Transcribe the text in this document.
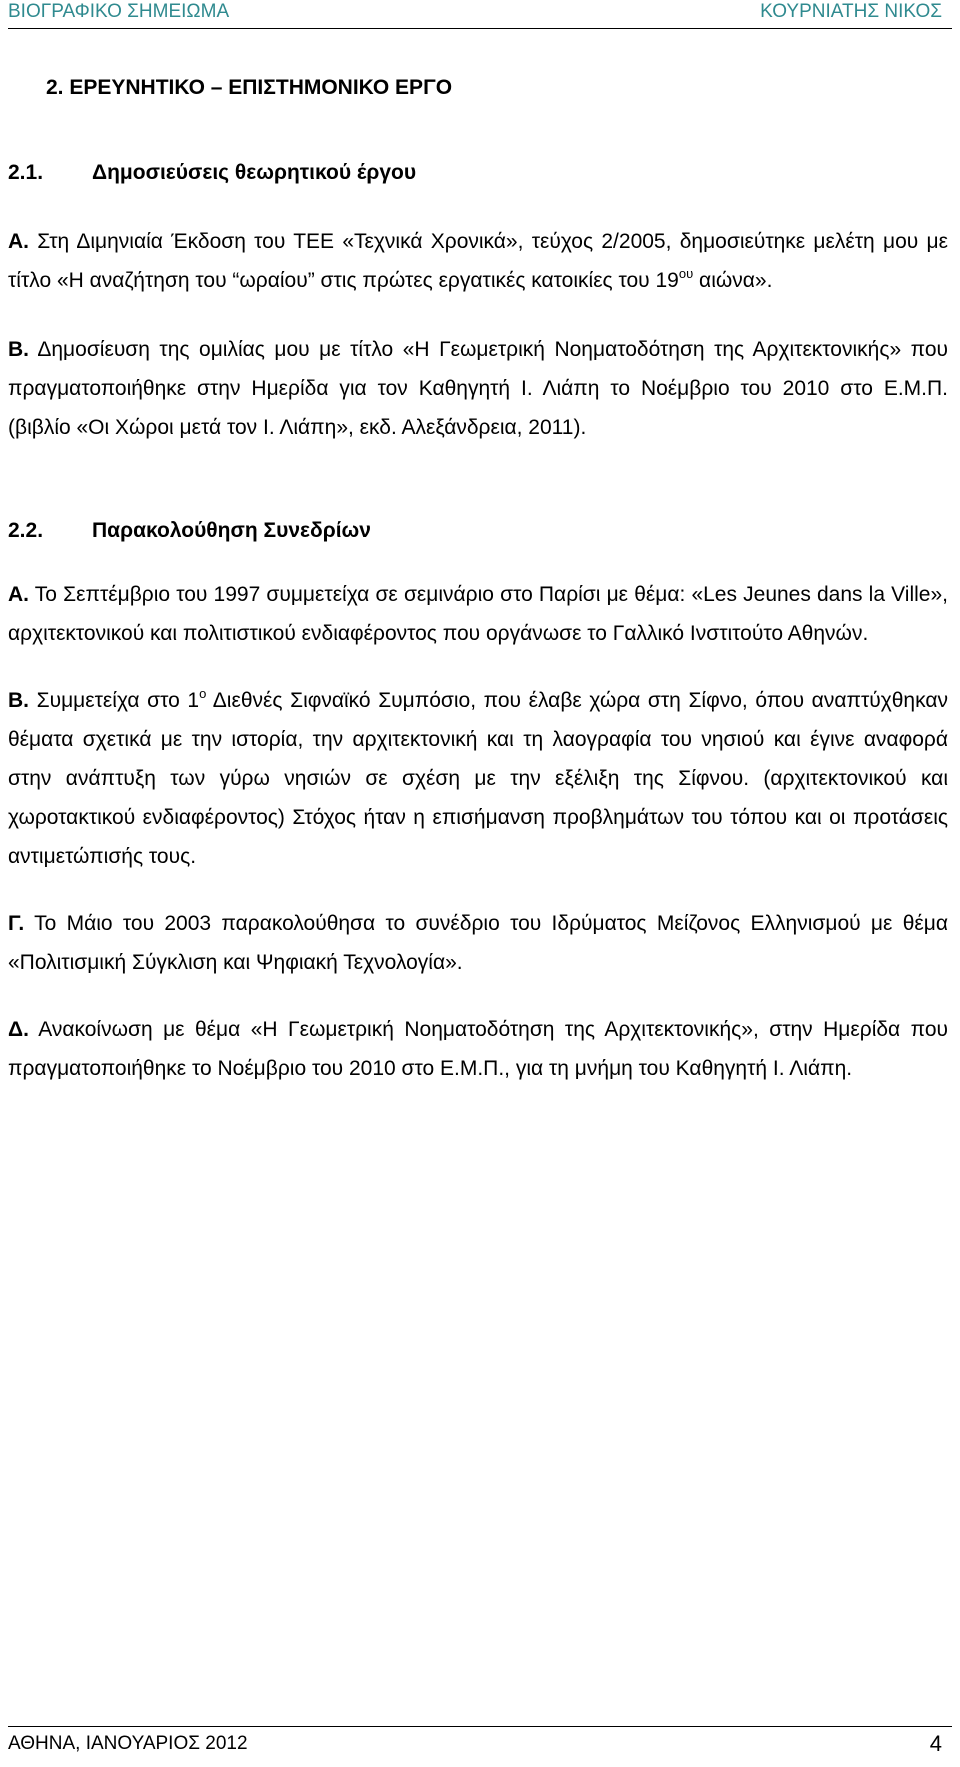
ΒΙΟΓΡΑΦΙΚΟ ΣΗΜΕΙΩΜΑ	ΚΟΥΡΝΙΑΤΗΣ ΝΙΚΟΣ

2. ΕΡΕΥΝΗΤΙΚΟ – ΕΠΙΣΤΗΜΟΝΙΚΟ ΕΡΓΟ

2.1. Δημοσιεύσεις θεωρητικού έργου

Α. Στη Διμηνιαία Έκδοση του ΤΕΕ «Τεχνικά Χρονικά», τεύχος 2/2005, δημοσιεύτηκε μελέτη μου με τίτλο «Η αναζήτηση του “ωραίου” στις πρώτες εργατικές κατοικίες του $19^{o\upsilon}$ αιώνα».

Β. Δημοσίευση της ομιλίας μου με τίτλο «Η Γεωμετρική Νοηματοδότηση της Αρχιτεκτονικής» που πραγματοποιήθηκε στην Ημερίδα για τον Καθηγητή Ι. Λιάπη το Νοέμβριο του 2010 στο Ε.Μ.Π. (βιβλίο «Οι Χώροι μετά τον Ι. Λιάπη», εκδ. Αλεξάνδρεια, 2011).

2.2. Παρακολούθηση Συνεδρίων

Α. Το Σεπτέμβριο του 1997 συμμετείχα σε σεμινάριο στο Παρίσι με θέμα: «Les Jeunes dans la Ville», αρχιτεκτονικού και πολιτιστικού ενδιαφέροντος που οργάνωσε το Γαλλικό Ινστιτούτο Αθηνών.

Β. Συμμετείχα στο $1^o$ Διεθνές Σιφναϊκό Συμπόσιο, που έλαβε χώρα στη Σίφνο, όπου αναπτύχθηκαν θέματα σχετικά με την ιστορία, την αρχιτεκτονική και τη λαογραφία του νησιού και έγινε αναφορά στην ανάπτυξη των γύρω νησιών σε σχέση με την εξέλιξη της Σίφνου. (αρχιτεκτονικού και χωροτακτικού ενδιαφέροντος) Στόχος ήταν η επισήμανση προβλημάτων του τόπου και οι προτάσεις αντιμετώπισής τους.

Γ. Το Μάιο του 2003 παρακολούθησα το συνέδριο του Ιδρύματος Μείζονος Ελληνισμού με θέμα «Πολιτισμική Σύγκλιση και Ψηφιακή Τεχνολογία».

Δ. Ανακοίνωση με θέμα «Η Γεωμετρική Νοηματοδότηση της Αρχιτεκτονικής», στην Ημερίδα που πραγματοποιήθηκε το Νοέμβριο του 2010 στο Ε.Μ.Π., για τη μνήμη του Καθηγητή Ι. Λιάπη.

ΑΘΗΝΑ, ΙΑΝΟΥΑΡΙΟΣ 2012	4
